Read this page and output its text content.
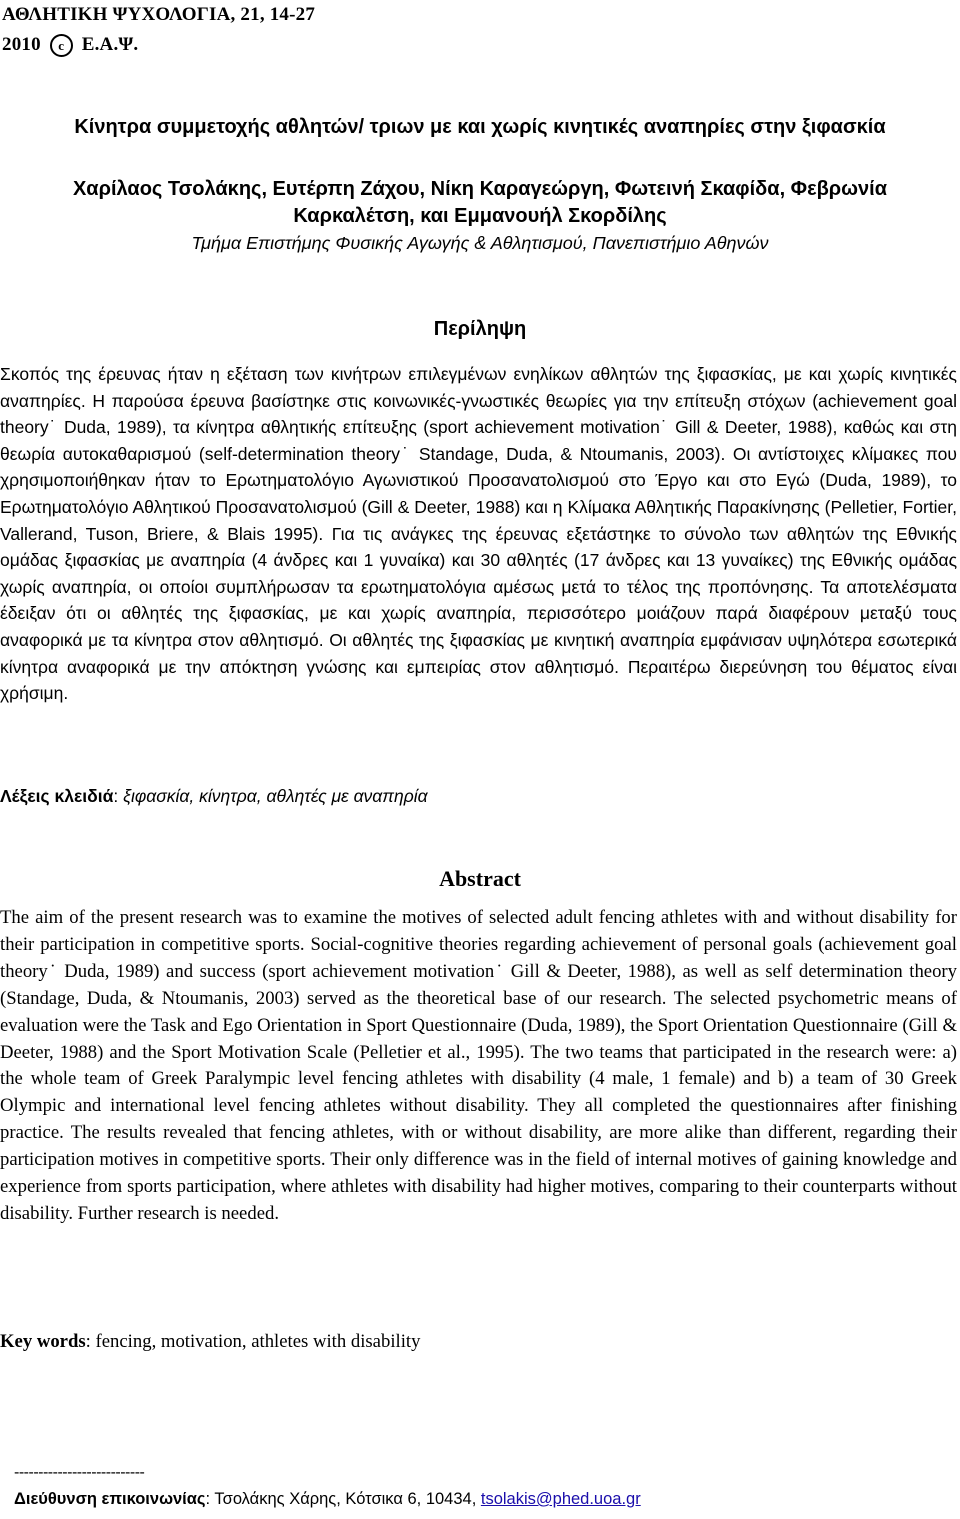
ΑΘΛΗΤΙΚΗ ΨΥΧΟΛΟΓΙΑ, 21, 14-27
2010 c Ε.Α.Ψ.
Κίνητρα συμμετοχής αθλητών/ τριων με και χωρίς κινητικές αναπηρίες στην ξιφασκία
Χαρίλαος Τσολάκης, Ευτέρπη Ζάχου, Νίκη Καραγεώργη, Φωτεινή Σκαφίδα, Φεβρωνία
Καρκαλέτση, και Εμμανουήλ Σκορδίλης
Τμήμα Επιστήμης Φυσικής Αγωγής & Αθλητισμού, Πανεπιστήμιο Αθηνών
Περίληψη
Σκοπός της έρευνας ήταν η εξέταση των κινήτρων επιλεγμένων ενηλίκων αθλητών της ξιφασκίας, με και χωρίς κινητικές αναπηρίες. Η παρούσα έρευνα βασίστηκε στις κοινωνικές-γνωστικές θεωρίες για την επίτευξη στόχων (achievement goal theory˙ Duda, 1989), τα κίνητρα αθλητικής επίτευξης (sport achievement motivation˙ Gill & Deeter, 1988), καθώς και στη θεωρία αυτοκαθαρισμού (self-determination theory˙ Standage, Duda, & Ntoumanis, 2003). Οι αντίστοιχες κλίμακες που χρησιμοποιήθηκαν ήταν το Ερωτηματολόγιο Αγωνιστικού Προσανατολισμού στο Έργο και στο Εγώ (Duda, 1989), το Ερωτηματολόγιο Αθλητικού Προσανατολισμού (Gill & Deeter, 1988) και η Κλίμακα Αθλητικής Παρακίνησης (Pelletier, Fortier, Vallerand, Tuson, Briere, & Blais 1995). Για τις ανάγκες της έρευνας εξετάστηκε το σύνολο των αθλητών της Εθνικής ομάδας ξιφασκίας με αναπηρία (4 άνδρες και 1 γυναίκα) και 30 αθλητές (17 άνδρες και 13 γυναίκες) της Εθνικής ομάδας χωρίς αναπηρία, οι οποίοι συμπλήρωσαν τα ερωτηματολόγια αμέσως μετά το τέλος της προπόνησης. Τα αποτελέσματα έδειξαν ότι οι αθλητές της ξιφασκίας, με και χωρίς αναπηρία, περισσότερο μοιάζουν παρά διαφέρουν μεταξύ τους αναφορικά με τα κίνητρα στον αθλητισμό. Οι αθλητές της ξιφασκίας με κινητική αναπηρία εμφάνισαν υψηλότερα εσωτερικά κίνητρα αναφορικά με την απόκτηση γνώσης και εμπειρίας στον αθλητισμό. Περαιτέρω διερεύνηση του θέματος είναι χρήσιμη.
Λέξεις κλειδιά: ξιφασκία, κίνητρα, αθλητές με αναπηρία
Abstract
The aim of the present research was to examine the motives of selected adult fencing athletes with and without disability for their participation in competitive sports. Social-cognitive theories regarding achievement of personal goals (achievement goal theory˙ Duda, 1989) and success (sport achievement motivation˙ Gill & Deeter, 1988), as well as self determination theory (Standage, Duda, & Ntoumanis, 2003) served as the theoretical base of our research. The selected psychometric means of evaluation were the Task and Ego Orientation in Sport Questionnaire (Duda, 1989), the Sport Orientation Questionnaire (Gill & Deeter, 1988) and the Sport Motivation Scale (Pelletier et al., 1995). The two teams that participated in the research were: a) the whole team of Greek Paralympic level fencing athletes with disability (4 male, 1 female) and b) a team of 30 Greek Olympic and international level fencing athletes without disability. They all completed the questionnaires after finishing practice. The results revealed that fencing athletes, with or without disability, are more alike than different, regarding their participation motives in competitive sports. Their only difference was in the field of internal motives of gaining knowledge and experience from sports participation, where athletes with disability had higher motives, comparing to their counterparts without disability. Further research is needed.
Key words: fencing, motivation, athletes with disability
---------------------------
Διεύθυνση επικοινωνίας: Τσολάκης Χάρης, Κότσικα 6, 10434, tsolakis@phed.uoa.gr
